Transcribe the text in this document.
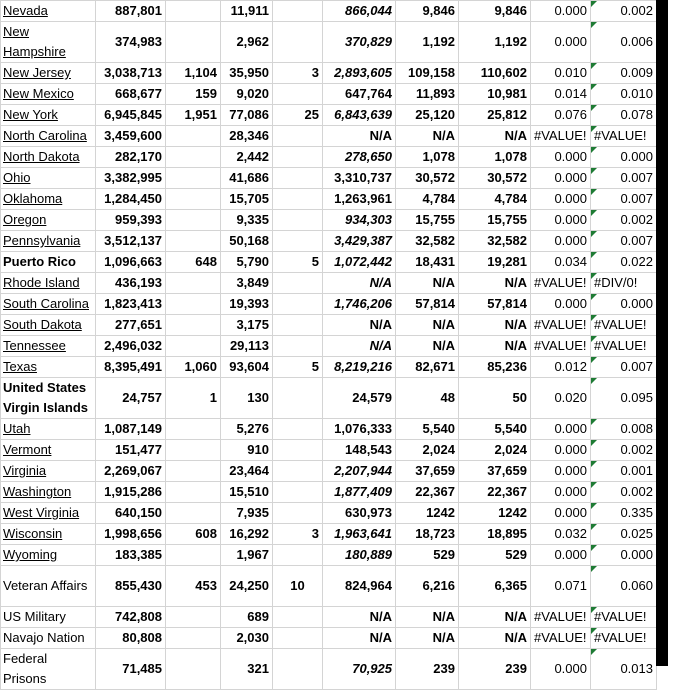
Nevada	887,801		11,911		866,044	9,846	9,846	0.000	0.002
New Hampshire	374,983		2,962		370,829	1,192	1,192	0.000	0.006
New Jersey	3,038,713	1,104	35,950	3	2,893,605	109,158	110,602	0.010	0.009
New Mexico	668,677	159	9,020		647,764	11,893	10,981	0.014	0.010
New York	6,945,845	1,951	77,086	25	6,843,639	25,120	25,812	0.076	0.078
North Carolina	3,459,600		28,346		N/A	N/A	N/A	#VALUE!	#VALUE!
North Dakota	282,170		2,442		278,650	1,078	1,078	0.000	0.000
Ohio	3,382,995		41,686		3,310,737	30,572	30,572	0.000	0.007
Oklahoma	1,284,450		15,705		1,263,961	4,784	4,784	0.000	0.007
Oregon	959,393		9,335		934,303	15,755	15,755	0.000	0.002
Pennsylvania	3,512,137		50,168		3,429,387	32,582	32,582	0.000	0.007
Puerto Rico	1,096,663	648	5,790	5	1,072,442	18,431	19,281	0.034	0.022
Rhode Island	436,193		3,849		N/A	N/A	N/A	#VALUE!	#DIV/0!
South Carolina	1,823,413		19,393		1,746,206	57,814	57,814	0.000	0.000
South Dakota	277,651		3,175		N/A	N/A	N/A	#VALUE!	#VALUE!
Tennessee	2,496,032		29,113		N/A	N/A	N/A	#VALUE!	#VALUE!
Texas	8,395,491	1,060	93,604	5	8,219,216	82,671	85,236	0.012	0.007
United States Virgin Islands	24,757	1	130		24,579	48	50	0.020	0.095
Utah	1,087,149		5,276		1,076,333	5,540	5,540	0.000	0.008
Vermont	151,477		910		148,543	2,024	2,024	0.000	0.002
Virginia	2,269,067		23,464		2,207,944	37,659	37,659	0.000	0.001
Washington	1,915,286		15,510		1,877,409	22,367	22,367	0.000	0.002
West Virginia	640,150		7,935		630,973	1242	1242	0.000	0.335
Wisconsin	1,998,656	608	16,292	3	1,963,641	18,723	18,895	0.032	0.025
Wyoming	183,385		1,967		180,889	529	529	0.000	0.000
Veteran Affairs	855,430	453	24,250	10	824,964	6,216	6,365	0.071	0.060
US Military	742,808		689		N/A	N/A	N/A	#VALUE!	#VALUE!
Navajo Nation	80,808		2,030		N/A	N/A	N/A	#VALUE!	#VALUE!
Federal Prisons	71,485		321		70,925	239	239	0.000	0.013
